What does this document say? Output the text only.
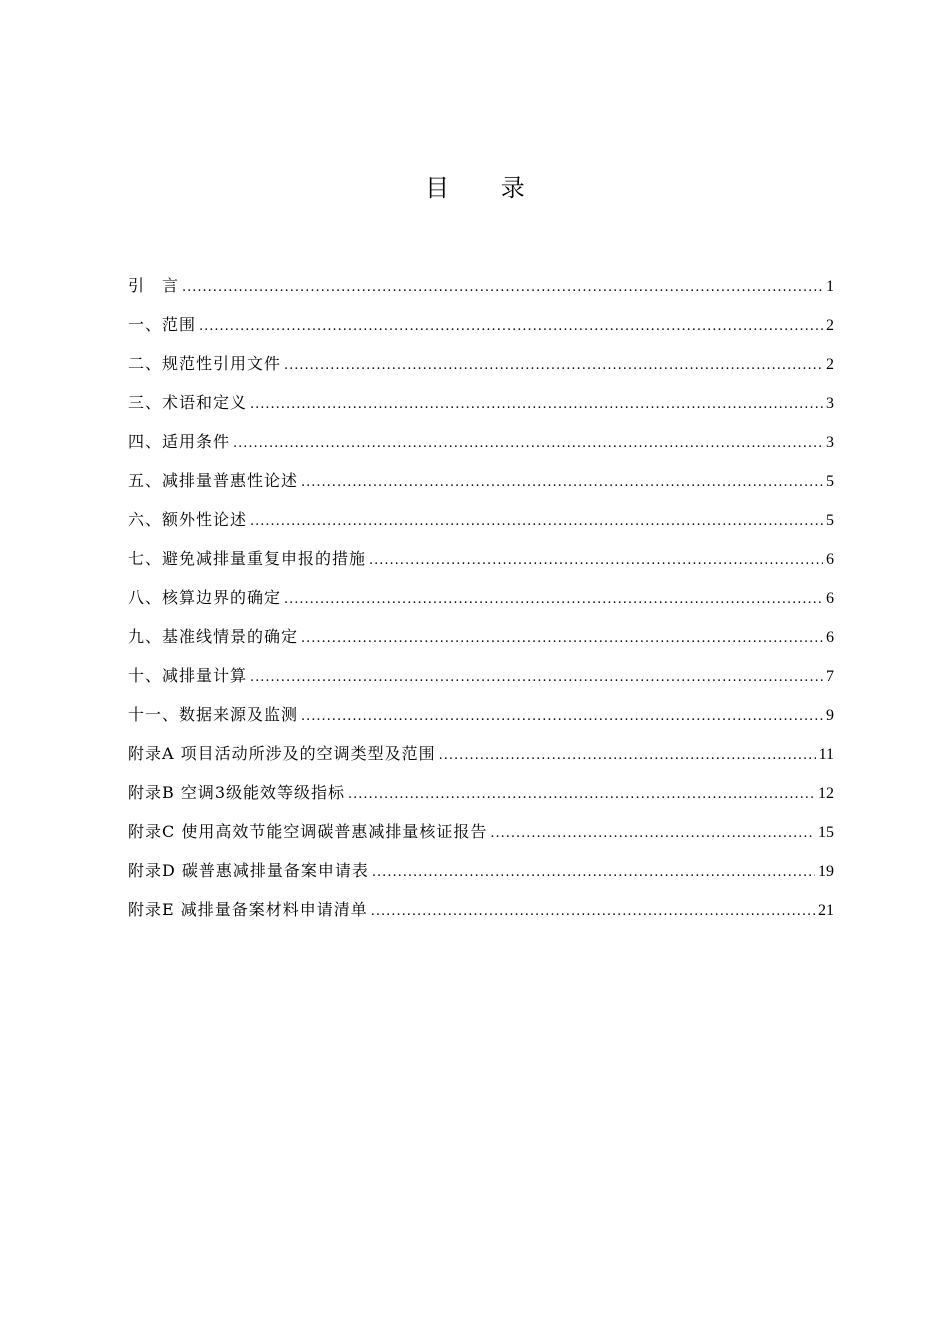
目 录
引　言 .....	1
一、范围 .....	2
二、规范性引用文件 .....	2
三、术语和定义 .....	3
四、适用条件 .....	3
五、减排量普惠性论述 .....	5
六、额外性论述 .....	5
七、避免减排量重复申报的措施 .....	6
八、核算边界的确定 .....	6
九、基准线情景的确定 .....	6
十、减排量计算 .....	7
十一、数据来源及监测 .....	9
附录A 项目活动所涉及的空调类型及范围 .....	11
附录B 空调3级能效等级指标 .....	12
附录C 使用高效节能空调碳普惠减排量核证报告 .....	15
附录D 碳普惠减排量备案申请表 .....	19
附录E 减排量备案材料申请清单 .....	21
